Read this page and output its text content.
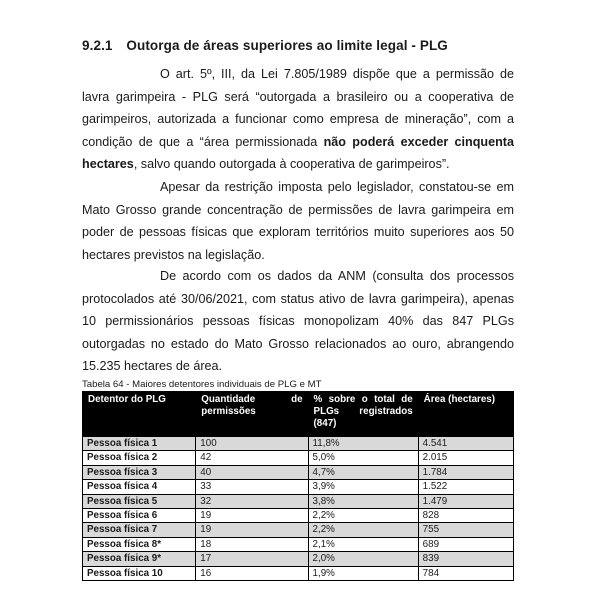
9.2.1 Outorga de áreas superiores ao limite legal - PLG

O art. 5º, III, da Lei 7.805/1989 dispõe que a permissão de lavra garimpeira - PLG será “outorgada a brasileiro ou a cooperativa de garimpeiros, autorizada a funcionar como empresa de mineração”, com a condição de que a “área permissionada não poderá exceder cinquenta hectares, salvo quando outorgada à cooperativa de garimpeiros”.

Apesar da restrição imposta pelo legislador, constatou-se em Mato Grosso grande concentração de permissões de lavra garimpeira em poder de pessoas físicas que exploram territórios muito superiores aos 50 hectares previstos na legislação.

De acordo com os dados da ANM (consulta dos processos protocolados até 30/06/2021, com status ativo de lavra garimpeira), apenas 10 permissionários pessoas físicas monopolizam 40% das 847 PLGs outorgadas no estado do Mato Grosso relacionados ao ouro, abrangendo 15.235 hectares de área.

Tabela 64 - Maiores detentores individuais de PLG e MT
Detentor do PLG	Quantidade de permissões	% sobre o total de PLGs registrados (847)	Área (hectares)
Pessoa física 1	100	11,8%	4.541
Pessoa física 2	42	5,0%	2.015
Pessoa física 3	40	4,7%	1.784
Pessoa física 4	33	3,9%	1.522
Pessoa física 5	32	3,8%	1.479
Pessoa física 6	19	2,2%	828
Pessoa física 7	19	2,2%	755
Pessoa física 8*	18	2,1%	689
Pessoa física 9*	17	2,0%	839
Pessoa física 10	16	1,9%	784
